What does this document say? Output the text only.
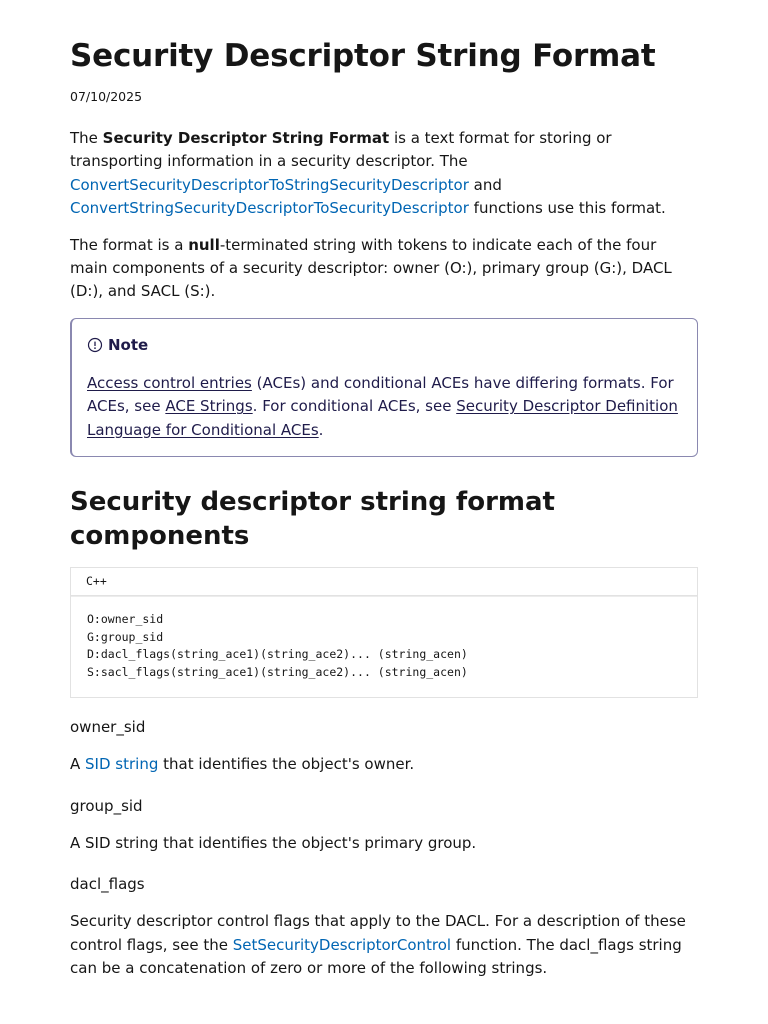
Security Descriptor String Format
07/10/2025

The Security Descriptor String Format is a text format for storing or transporting information in a security descriptor. The ConvertSecurityDescriptorToStringSecurityDescriptor and
ConvertStringSecurityDescriptorToSecurityDescriptor functions use this format.

The format is a null-terminated string with tokens to indicate each of the four main components of a security descriptor: owner (O:), primary group (G:), DACL (D:), and SACL (S:).

Note

Access control entries (ACEs) and conditional ACEs have differing formats. For ACEs, see ACE Strings. For conditional ACEs, see Security Descriptor Definition Language for Conditional ACEs.

Security descriptor string format components
C++
O:owner_sid
G:group_sid
D:dacl_flags(string_ace1)(string_ace2)... (string_acen)
S:sacl_flags(string_ace1)(string_ace2)... (string_acen)

owner_sid

A SID string that identifies the object's owner.

group_sid

A SID string that identifies the object's primary group.

dacl_flags

Security descriptor control flags that apply to the DACL. For a description of these control flags, see the SetSecurityDescriptorControl function. The dacl_flags string can be a concatenation of zero or more of the following strings.
